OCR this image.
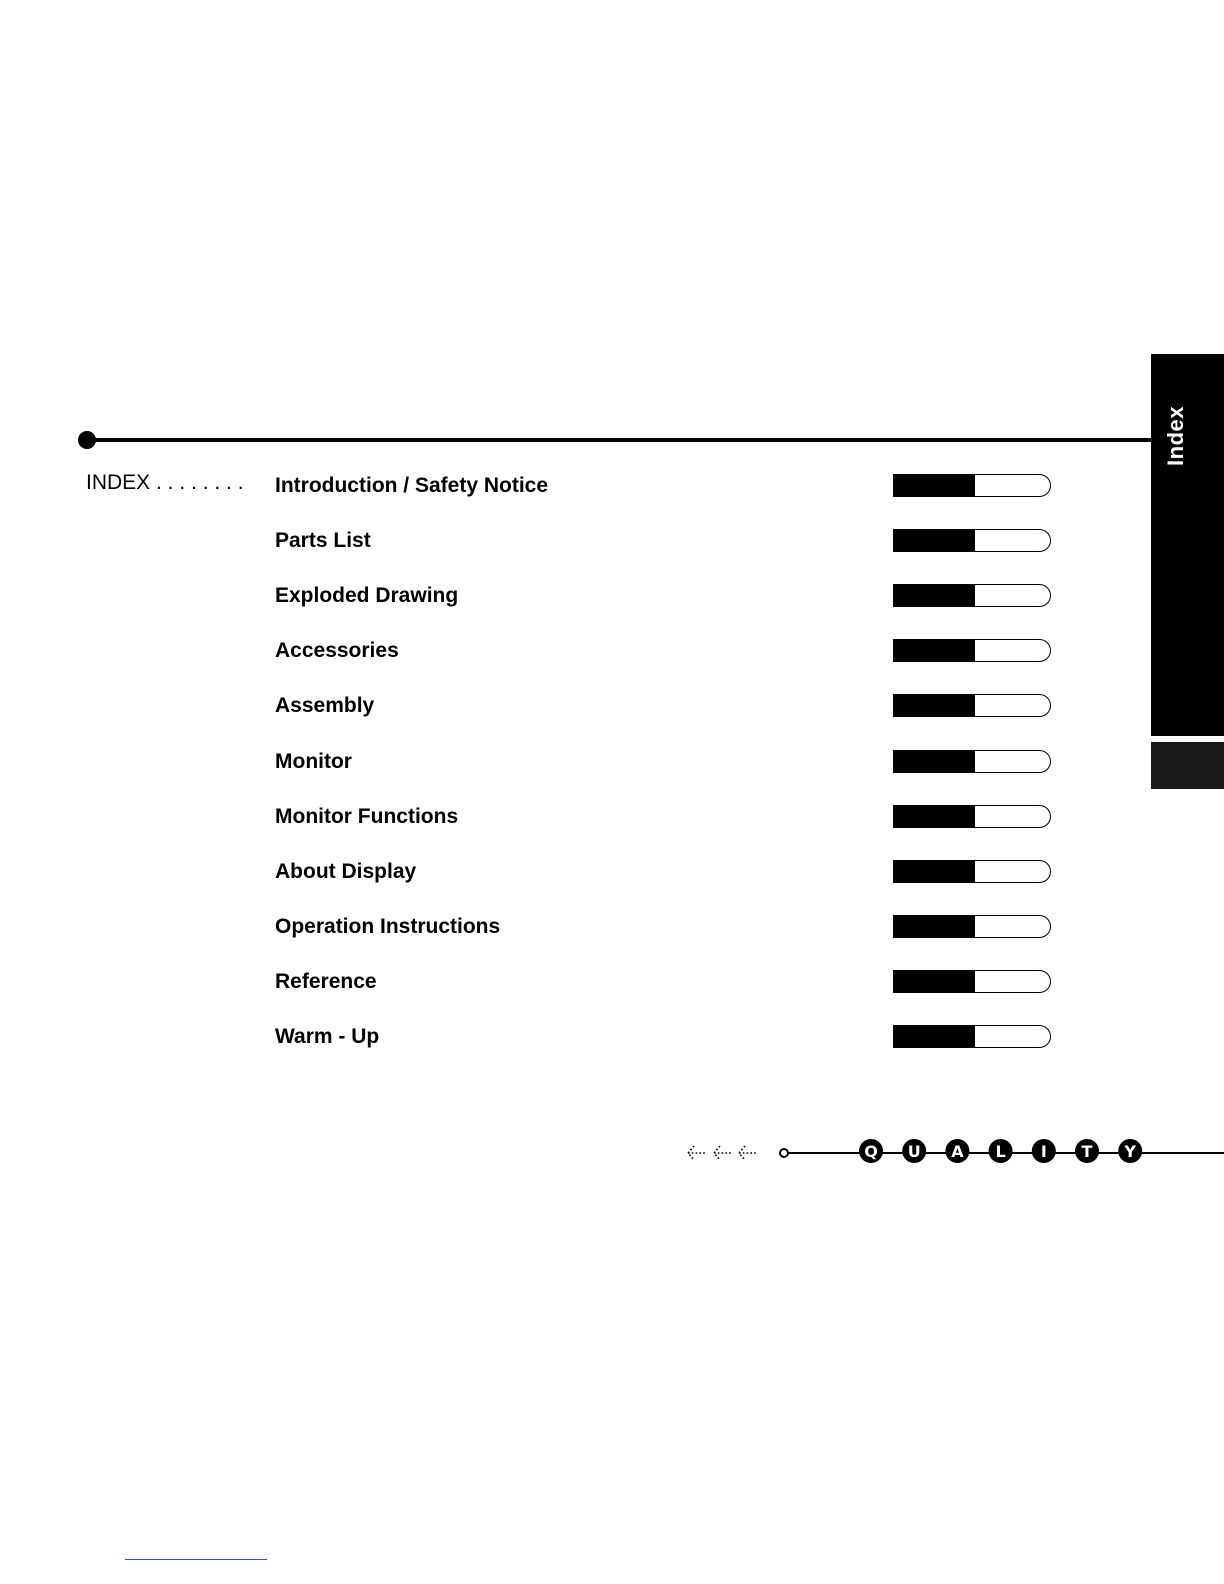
Index
INDEX . . . . . . . . Introduction / Safety Notice
Parts List
Exploded Drawing
Accessories
Assembly
Monitor
Monitor Functions
About Display
Operation Instructions
Reference
Warm - Up
Q U A L I T Y
